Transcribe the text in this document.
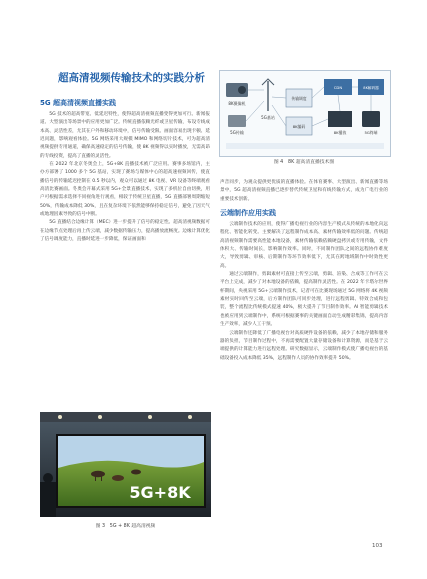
超高清视频传输技术的实践分析
8K摄像机
5G传输
5G基站
传输调度
8K编码
CDN	8K解码器
8K播放	5G终端
图 4　8K 超高清直播技术图
5G 超高清视频直播实践

5G 技术的超高带宽、低延迟特性，使得超高清视频直播变得更加可行。新闻报道、大型演出等场景中的应用更加广泛。传统直播依赖光纤或卫星传输，布设专线成本高、灵活性差，尤其在户外和移动环境中，信号传输受限。画面容易出现卡顿、延迟问题，影响观看体验。5G 网络采用大规模 MIMO 和网络切片技术，可为超高清视频提供专用通道，确保高速稳定的信号传输，使 8K 视频得以实时播放，无需高昂的专线投资，提高了直播的灵活性。

在 2022 年北京冬奥会上，5G+8K 直播技术被广泛应用。赛事多场馆内，主办方部署了 1000 多个 5G 基站，实现了赛场与媒体中心的超高速视频回传，使直播信号的传输延迟控制在 0.5 秒以内，观众可以通过 8K 电视、VR 设备等终端观看高清比赛画面。冬奥会开幕式采用 5G+全景直播技术，实现了多机位自由切换，用户可根据需求选择不同视角进行观看，相较于传统卫星直播，5G 直播部署周期缩短 50%，传输成本降低 30%，且在复杂环境下依然能够保持稳定信号，避免了因天气或地理因素导致的信号中断。

5G 直播结合边缘计算（MEC）进一步提升了信号的稳定性。超高清视频数据可在边缘节点处理后再上传云端，减少数据传输压力，提高播放流畅度。边缘计算优化了信号调度能力，直播时延进一步降低，保证画面和

5G+8K
图 3　5G + 8K 超高清视频

声音同步，为观众提供更优质的直播体验。在体育赛事、大型演出、新闻直播等场景中，5G 超高清视频直播已逐步替代传统卫星和有线传输方式，成为广电行业的重要技术创新。

云端制作应用实践

云端制作技术的应用，使得广播电视行业的内容生产模式从传统的本地化向远程化、智能化转变。主要解决了远程制作成本高、素材传输效率低的问题。传统超高清视频制作需要高性能本地设备，素材传输依赖依赖硬盘拷贝或专用传输，文件体积大、传输时间长，影响制作效率。同时，不同制作团队之间的远程协作难度大，导致剪辑、审核、后期制作等环节效率低下，尤其在跨地域制作中时效性更高。

通过云端制作，剪辑素材可直接上传至云端，剪辑、渲染、合成等工作可在云平台上完成，减少了对本地设备的依赖，提高制作灵活性。在 2022 年卡塔尔世界杯期间，央视采用 5G+云端制作技术，记者可在比赛现场通过 5G 网络将 4K 视频素材实时回传至云端，后方制作团队可同步处理，进行远程剪辑、特效合成和包装，整个流程比传统模式提速 40%，极大提升了节目制作效率。AI 智能剪辑技术也被应用到云端制作中，系统可根据赛事的关键画面自动生成精彩集锦，提高内容生产效率，减少人工干预。

云端制作还降低了广播电视台对高质硬件设备的依赖，减少了本地存储和服务器的负担，节目制作过程中，不再需要配置大量存储设备和计算资源，而是基于云端提供的计算能力进行远程处理。研究数据显示，云端制作模式使广播电视台的基础设备投入成本降低 35%，远程制作人员的协作效率提升 50%。

103
